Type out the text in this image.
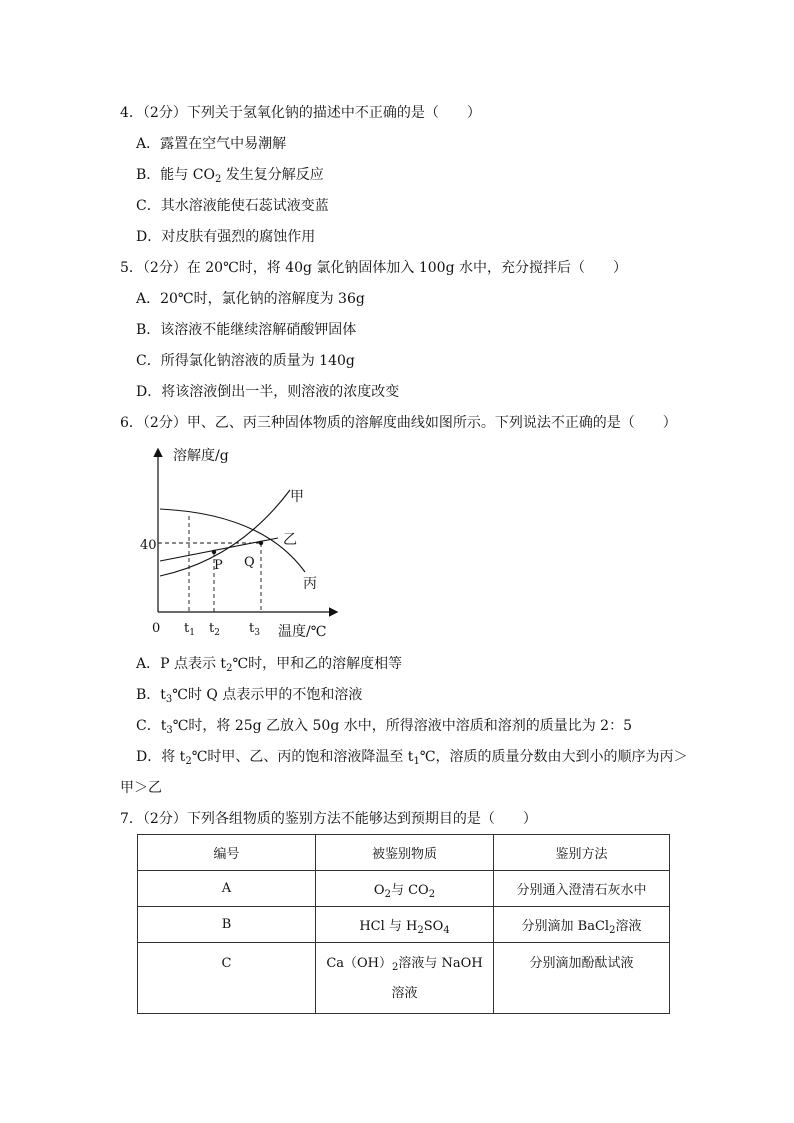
4．（2分）下列关于氢氧化钠的描述中不正确的是（　　）
A．露置在空气中易潮解
B．能与 $CO_2$ 发生复分解反应
C．其水溶液能使石蕊试液变蓝
D．对皮肤有强烈的腐蚀作用
5．（2分）在 20℃时，将 40g 氯化钠固体加入 100g 水中，充分搅拌后（　　）
A．20℃时，氯化钠的溶解度为 36g
B．该溶液不能继续溶解硝酸钾固体
C．所得氯化钠溶液的质量为 140g
D．将该溶液倒出一半，则溶液的浓度改变
6．（2分）甲、乙、丙三种固体物质的溶解度曲线如图所示。下列说法不正确的是（　　）
溶解度/g
温度/℃
0
40
$t_1$ $t_2$ $t_3$
甲
乙
丙
P Q
A．P 点表示 $t_2℃$时，甲和乙的溶解度相等
B．$t_3℃$时 Q 点表示甲的不饱和溶液
C．$t_3℃$时，将 25g 乙放入 50g 水中，所得溶液中溶质和溶剂的质量比为 2：5
D．将 $t_2℃$时甲、乙、丙的饱和溶液降温至 $t_1℃$，溶质的质量分数由大到小的顺序为丙＞
甲＞乙
7．（2分）下列各组物质的鉴别方法不能够达到预期目的是（　　）
编号	被鉴别物质	鉴别方法
A	$O_2$与 $CO_2$	分别通入澄清石灰水中
B	HCl 与 $H_2SO_4$	分别滴加 BaCl$_2$溶液
C	$Ca(OH)_2$溶液与 NaOH 溶液	分别滴加酚酞试液
